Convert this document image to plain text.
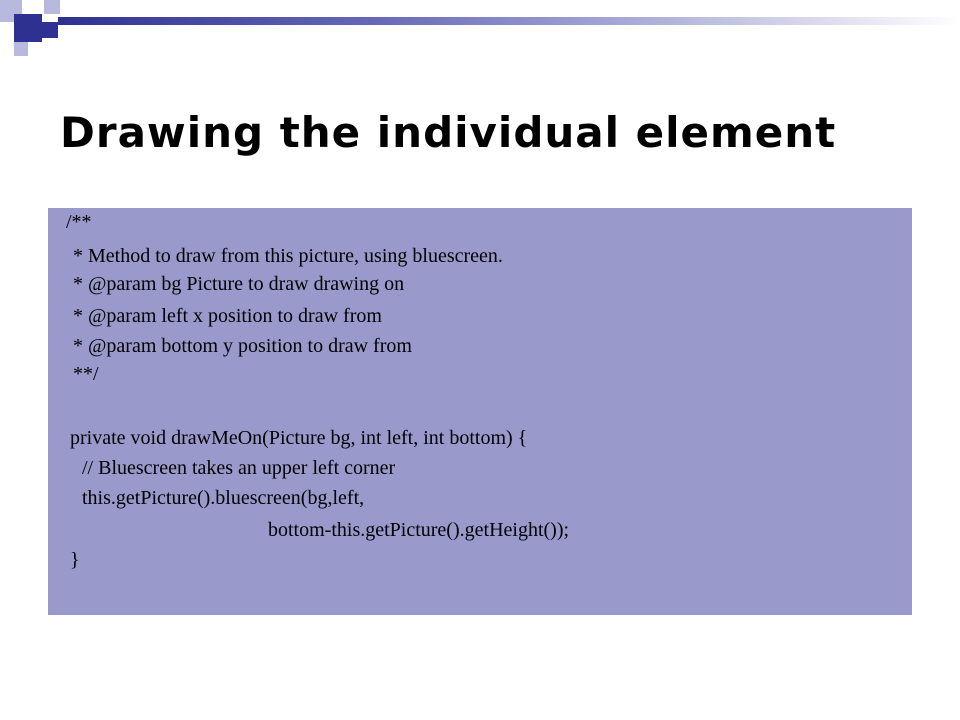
Drawing the individual element
/**
* Method to draw from this picture, using bluescreen.
* @param bg Picture to draw drawing on
* @param left x position to draw from
* @param bottom y position to draw from
**/
private void drawMeOn(Picture bg, int left, int bottom) {
// Bluescreen takes an upper left corner
this.getPicture().bluescreen(bg,left,
bottom-this.getPicture().getHeight());
}
